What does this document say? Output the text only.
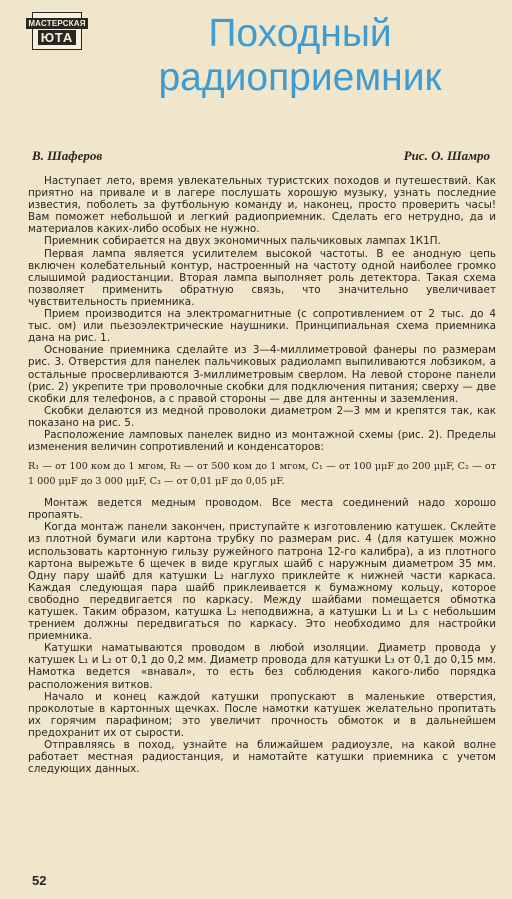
МАСТЕРСКАЯ
ЮТА	Походный
радиоприемник
В. Шаферов	Рис. О. Шамро

Наступает лето, время увлекательных туристских походов и путешествий. Как приятно на привале и в лагере послушать хорошую музыку, узнать последние известия, поболеть за футбольную команду и, наконец, просто проверить часы! Вам поможет небольшой и легкий радиоприемник. Сделать его нетрудно, да и материалов каких-либо особых не нужно.

Приемник собирается на двух экономичных пальчиковых лампах 1К1П.

Первая лампа является усилителем высокой частоты. В ее анодную цепь включен колебательный контур, настроенный на частоту одной наиболее громко слышимой радиостанции. Вторая лампа выполняет роль детектора. Такая схема позволяет применить обратную связь, что значительно увеличивает чувствительность приемника.

Прием производится на электромагнитные (с сопротивлением от 2 тыс. до 4 тыс. ом) или пьезоэлектрические наушники. Принципиальная схема приемника дана на рис. 1.

Основание приемника сделайте из 3—4-миллиметровой фанеры по размерам рис. 3. Отверстия для панелек пальчиковых радиоламп выпиливаются лобзиком, а остальные просверливаются 3-миллиметровым сверлом. На левой стороне панели (рис. 2) укрепите три проволочные скобки для подключения питания; сверху — две скобки для телефонов, а с правой стороны — две для антенны и заземления.

Скобки делаются из медной проволоки диаметром 2—3 мм и крепятся так, как показано на рис. 5.

Расположение ламповых панелек видно из монтажной схемы (рис. 2). Пределы изменения величин сопротивлений и конденсаторов:

R₁ — от 100 ком до 1 мгом, R₂ — от 500 ком до 1 мгом, C₁ — от 100 μμF до 200 μμF, C₂ — от 1 000 μμF до 3 000 μμF, C₃ — от 0,01 μF до 0,05 μF.

Монтаж ведется медным проводом. Все места соединений надо хорошо пропаять.

Когда монтаж панели закончен, приступайте к изготовлению катушек. Склейте из плотной бумаги или картона трубку по размерам рис. 4 (для катушек можно использовать картонную гильзу ружейного патрона 12-го калибра), а из плотного картона вырежьте 6 щечек в виде круглых шайб с наружным диаметром 35 мм. Одну пару шайб для катушки L₂ наглухо приклейте к нижней части каркаса. Каждая следующая пара шайб приклеивается к бумажному кольцу, которое свободно передвигается по каркасу. Между шайбами помещается обмотка катушек. Таким образом, катушка L₂ неподвижна, а катушки L₁ и L₃ с небольшим трением должны передвигаться по каркасу. Это необходимо для настройки приемника.

Катушки наматываются проводом в любой изоляции. Диаметр провода у катушек L₁ и L₂ от 0,1 до 0,2 мм. Диаметр провода для катушки L₃ от 0,1 до 0,15 мм. Намотка ведется «внавал», то есть без соблюдения какого-либо порядка расположения витков.

Начало и конец каждой катушки пропускают в маленькие отверстия, проколотые в картонных щечках. После намотки катушек желательно пропитать их горячим парафином; это увеличит прочность обмоток и в дальнейшем предохранит их от сырости.

Отправляясь в поход, узнайте на ближайшем радиоузле, на какой волне работает местная радиостанция, и намотайте катушки приемника с учетом следующих данных.

52
